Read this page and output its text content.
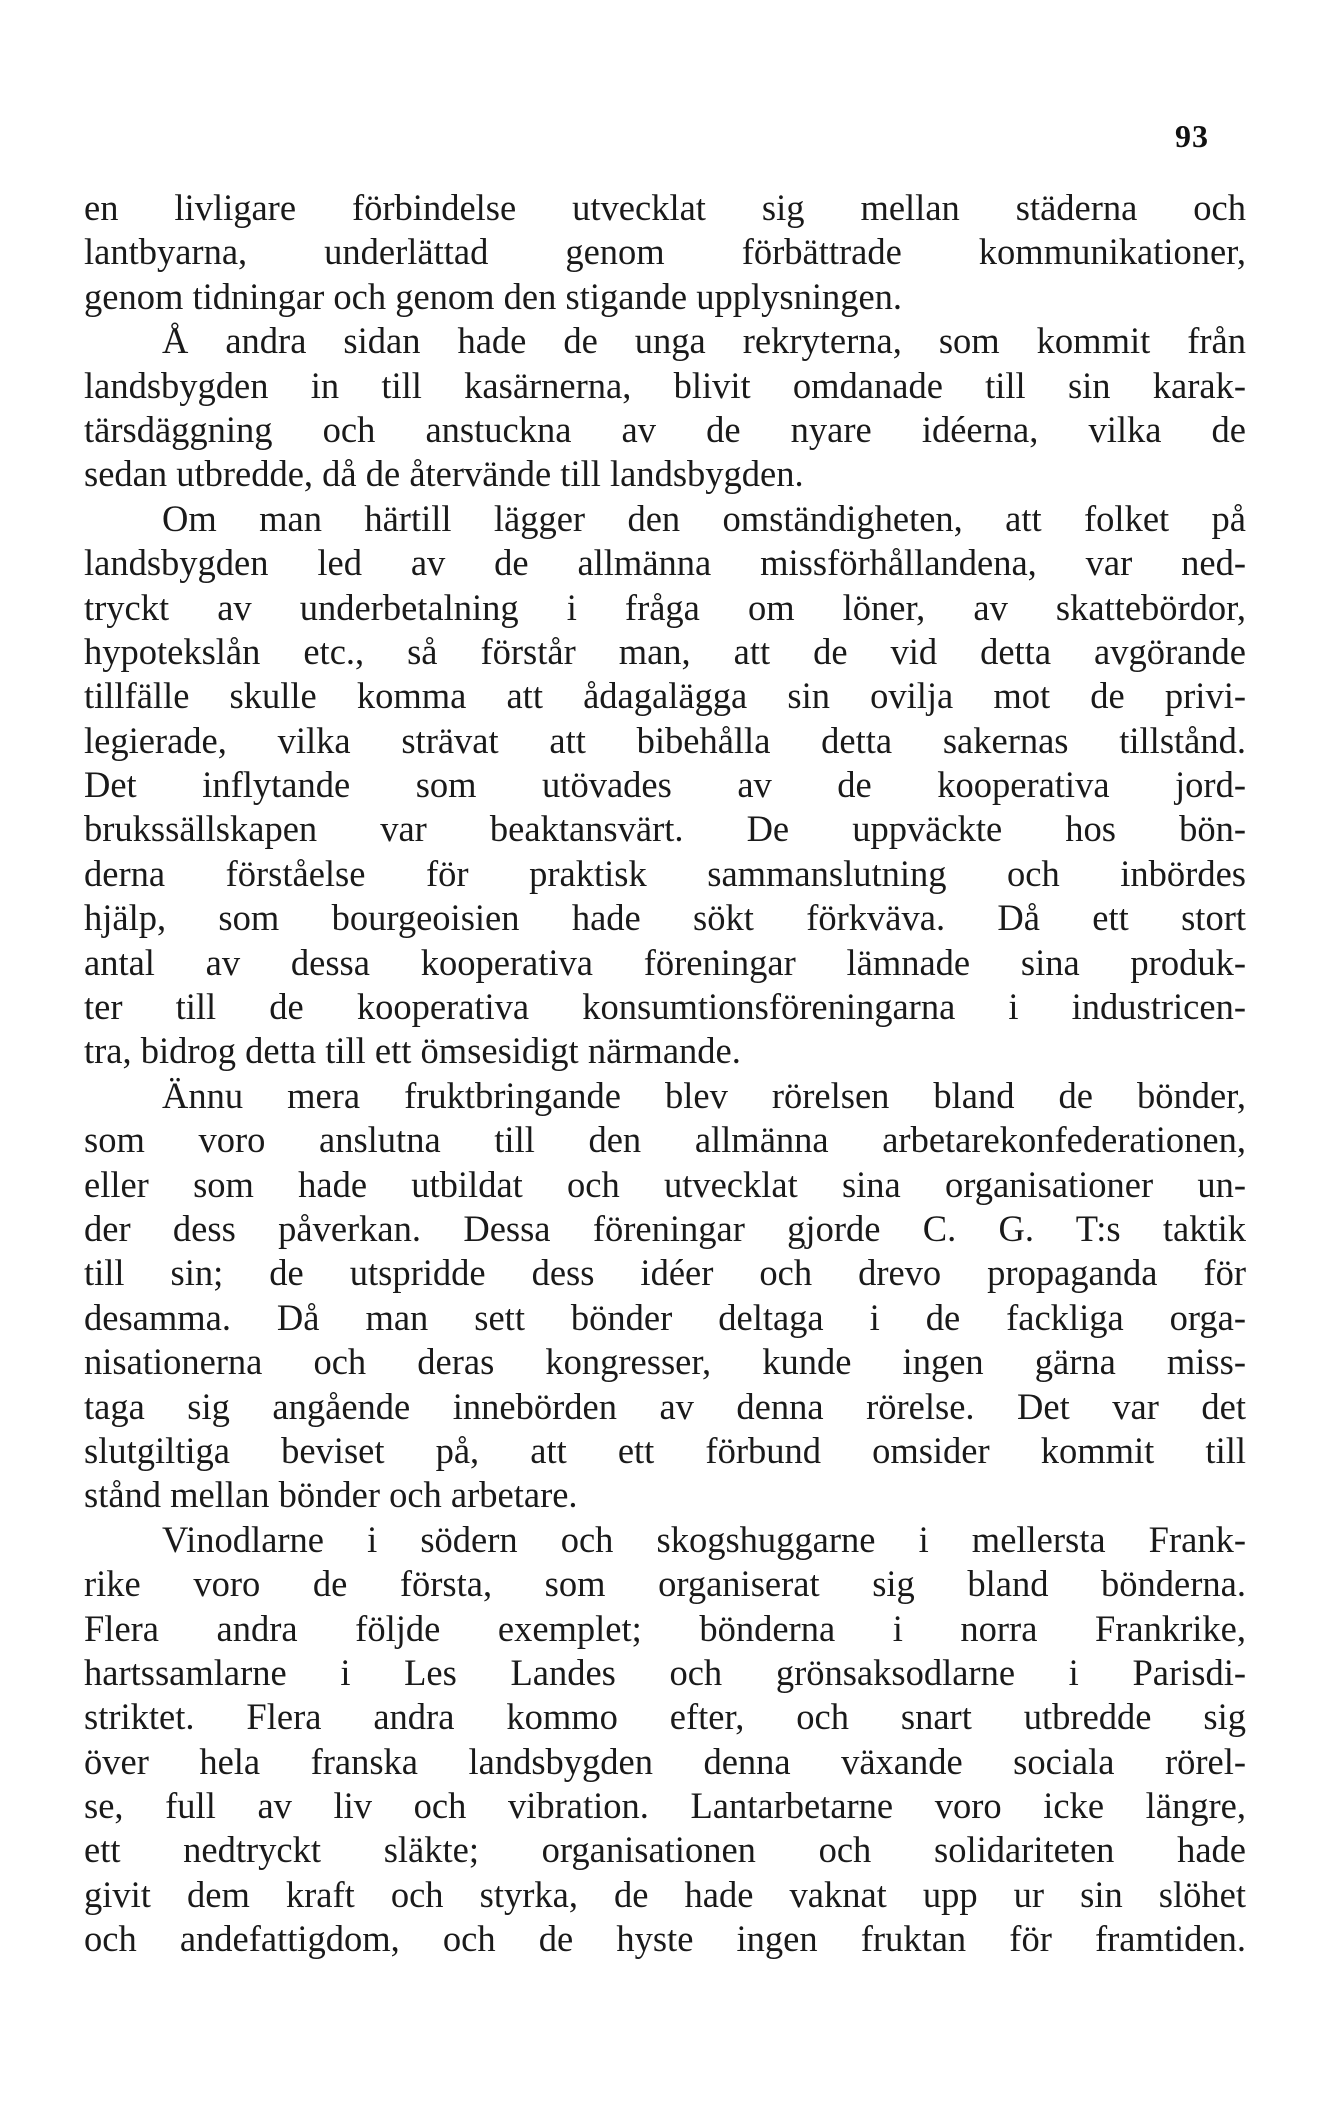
93
en livligare förbindelse utvecklat sig mellan städerna och
lantbyarna, underlättad genom förbättrade kommunikationer,
genom tidningar och genom den stigande upplysningen.
Å andra sidan hade de unga rekryterna, som kommit från
landsbygden in till kasärnerna, blivit omdanade till sin karak-
tärsdäggning och anstuckna av de nyare idéerna, vilka de
sedan utbredde, då de återvände till landsbygden.
Om man härtill lägger den omständigheten, att folket på
landsbygden led av de allmänna missförhållandena, var ned-
tryckt av underbetalning i fråga om löner, av skattebördor,
hypotekslån etc., så förstår man, att de vid detta avgörande
tillfälle skulle komma att ådagalägga sin ovilja mot de privi-
legierade, vilka strävat att bibehålla detta sakernas tillstånd.
Det inflytande som utövades av de kooperativa jord-
brukssällskapen var beaktansvärt. De uppväckte hos bön-
derna förståelse för praktisk sammanslutning och inbördes
hjälp, som bourgeoisien hade sökt förkväva. Då ett stort
antal av dessa kooperativa föreningar lämnade sina produk-
ter till de kooperativa konsumtionsföreningarna i industricen-
tra, bidrog detta till ett ömsesidigt närmande.
Ännu mera fruktbringande blev rörelsen bland de bönder,
som voro anslutna till den allmänna arbetarekonfederationen,
eller som hade utbildat och utvecklat sina organisationer un-
der dess påverkan. Dessa föreningar gjorde C. G. T:s taktik
till sin; de utspridde dess idéer och drevo propaganda för
desamma. Då man sett bönder deltaga i de fackliga orga-
nisationerna och deras kongresser, kunde ingen gärna miss-
taga sig angående innebörden av denna rörelse. Det var det
slutgiltiga beviset på, att ett förbund omsider kommit till
stånd mellan bönder och arbetare.
Vinodlarne i södern och skogshuggarne i mellersta Frank-
rike voro de första, som organiserat sig bland bönderna.
Flera andra följde exemplet; bönderna i norra Frankrike,
hartssamlarne i Les Landes och grönsaksodlarne i Parisdi-
striktet. Flera andra kommo efter, och snart utbredde sig
över hela franska landsbygden denna växande sociala rörel-
se, full av liv och vibration. Lantarbetarne voro icke längre,
ett nedtryckt släkte; organisationen och solidariteten hade
givit dem kraft och styrka, de hade vaknat upp ur sin slöhet
och andefattigdom, och de hyste ingen fruktan för framtiden.
